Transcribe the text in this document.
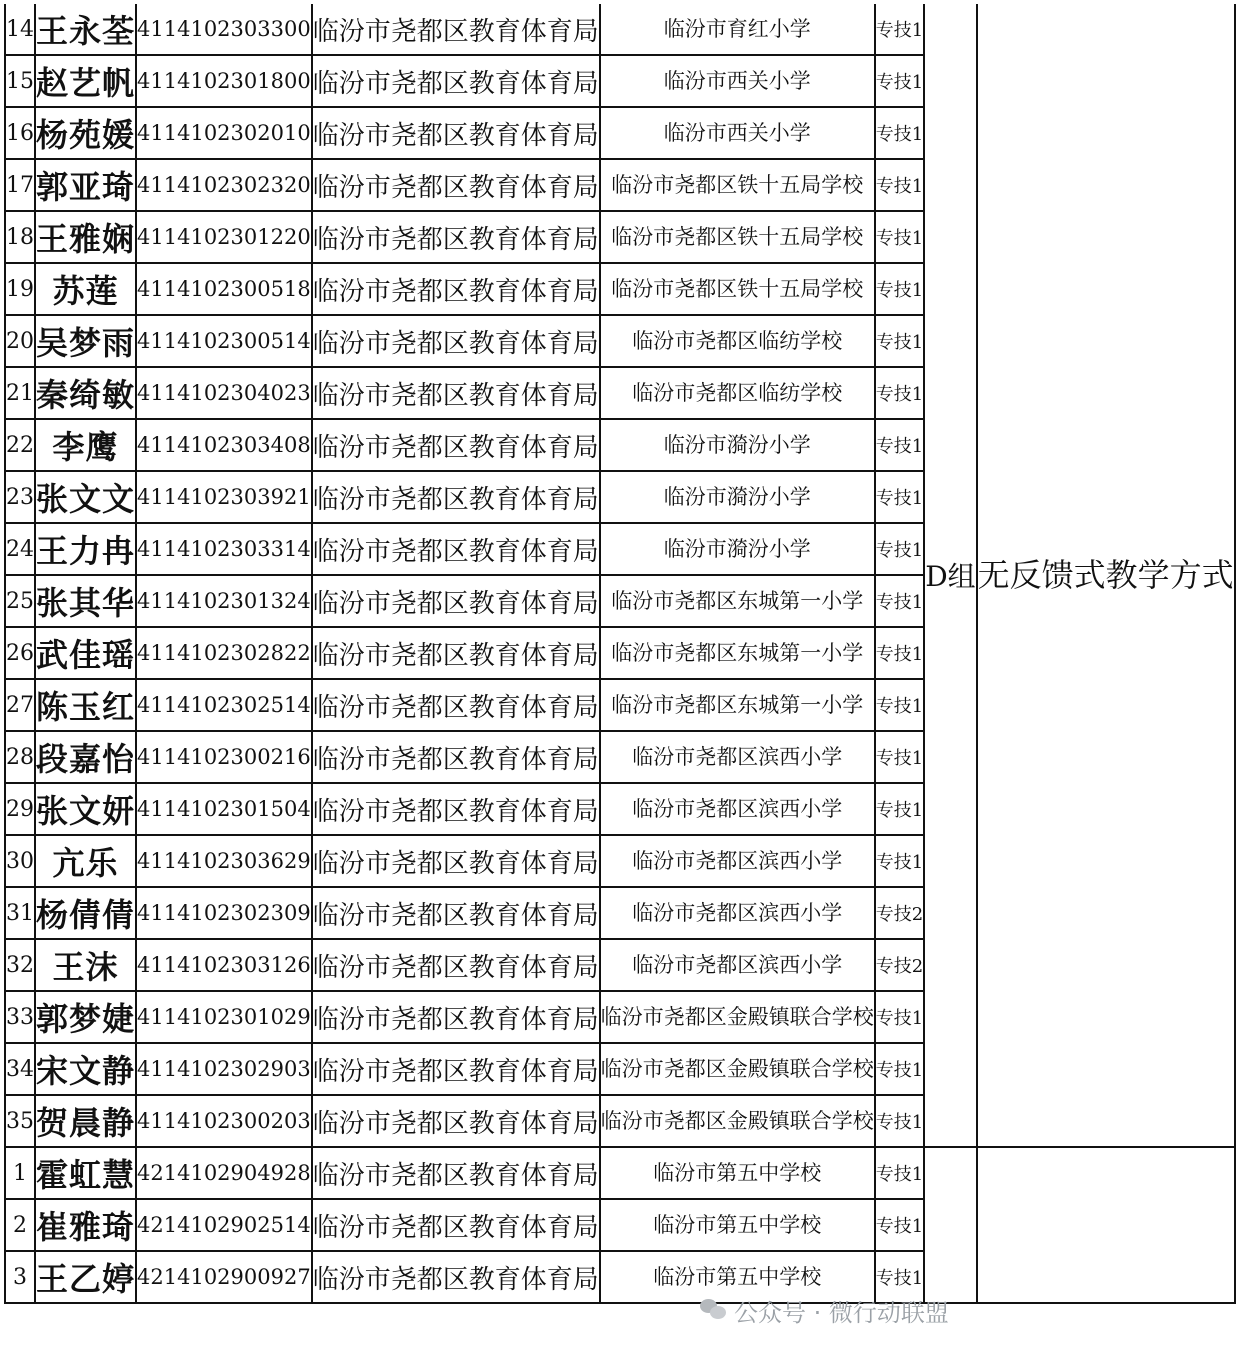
14	王永荃	4114102303300	临汾市尧都区教育体育局	临汾市育红小学	专技1	D组	无反馈式教学方式
15	赵艺帆	4114102301800	临汾市尧都区教育体育局	临汾市西关小学	专技1		
16	杨苑媛	4114102302010	临汾市尧都区教育体育局	临汾市西关小学	专技1		
17	郭亚琦	4114102302320	临汾市尧都区教育体育局	临汾市尧都区铁十五局学校	专技1		
18	王雅娴	4114102301220	临汾市尧都区教育体育局	临汾市尧都区铁十五局学校	专技1		
19	苏莲	4114102300518	临汾市尧都区教育体育局	临汾市尧都区铁十五局学校	专技1		
20	吴梦雨	4114102300514	临汾市尧都区教育体育局	临汾市尧都区临纺学校	专技1		
21	秦绮敏	4114102304023	临汾市尧都区教育体育局	临汾市尧都区临纺学校	专技1		
22	李鹰	4114102303408	临汾市尧都区教育体育局	临汾市漪汾小学	专技1		
23	张文文	4114102303921	临汾市尧都区教育体育局	临汾市漪汾小学	专技1		
24	王力冉	4114102303314	临汾市尧都区教育体育局	临汾市漪汾小学	专技1		
25	张其华	4114102301324	临汾市尧都区教育体育局	临汾市尧都区东城第一小学	专技1		
26	武佳瑶	4114102302822	临汾市尧都区教育体育局	临汾市尧都区东城第一小学	专技1		
27	陈玉红	4114102302514	临汾市尧都区教育体育局	临汾市尧都区东城第一小学	专技1		
28	段嘉怡	4114102300216	临汾市尧都区教育体育局	临汾市尧都区滨西小学	专技1		
29	张文妍	4114102301504	临汾市尧都区教育体育局	临汾市尧都区滨西小学	专技1		
30	亢乐	4114102303629	临汾市尧都区教育体育局	临汾市尧都区滨西小学	专技1		
31	杨倩倩	4114102302309	临汾市尧都区教育体育局	临汾市尧都区滨西小学	专技2		
32	王沫	4114102303126	临汾市尧都区教育体育局	临汾市尧都区滨西小学	专技2		
33	郭梦婕	4114102301029	临汾市尧都区教育体育局	临汾市尧都区金殿镇联合学校	专技1		
34	宋文静	4114102302903	临汾市尧都区教育体育局	临汾市尧都区金殿镇联合学校	专技1		
35	贺晨静	4114102300203	临汾市尧都区教育体育局	临汾市尧都区金殿镇联合学校	专技1		
1	霍虹慧	4214102904928	临汾市尧都区教育体育局	临汾市第五中学校	专技1		
2	崔雅琦	4214102902514	临汾市尧都区教育体育局	临汾市第五中学校	专技1		
3	王乙婷	4214102900927	临汾市尧都区教育体育局	临汾市第五中学校	专技1		
公众号 · 微行动联盟
